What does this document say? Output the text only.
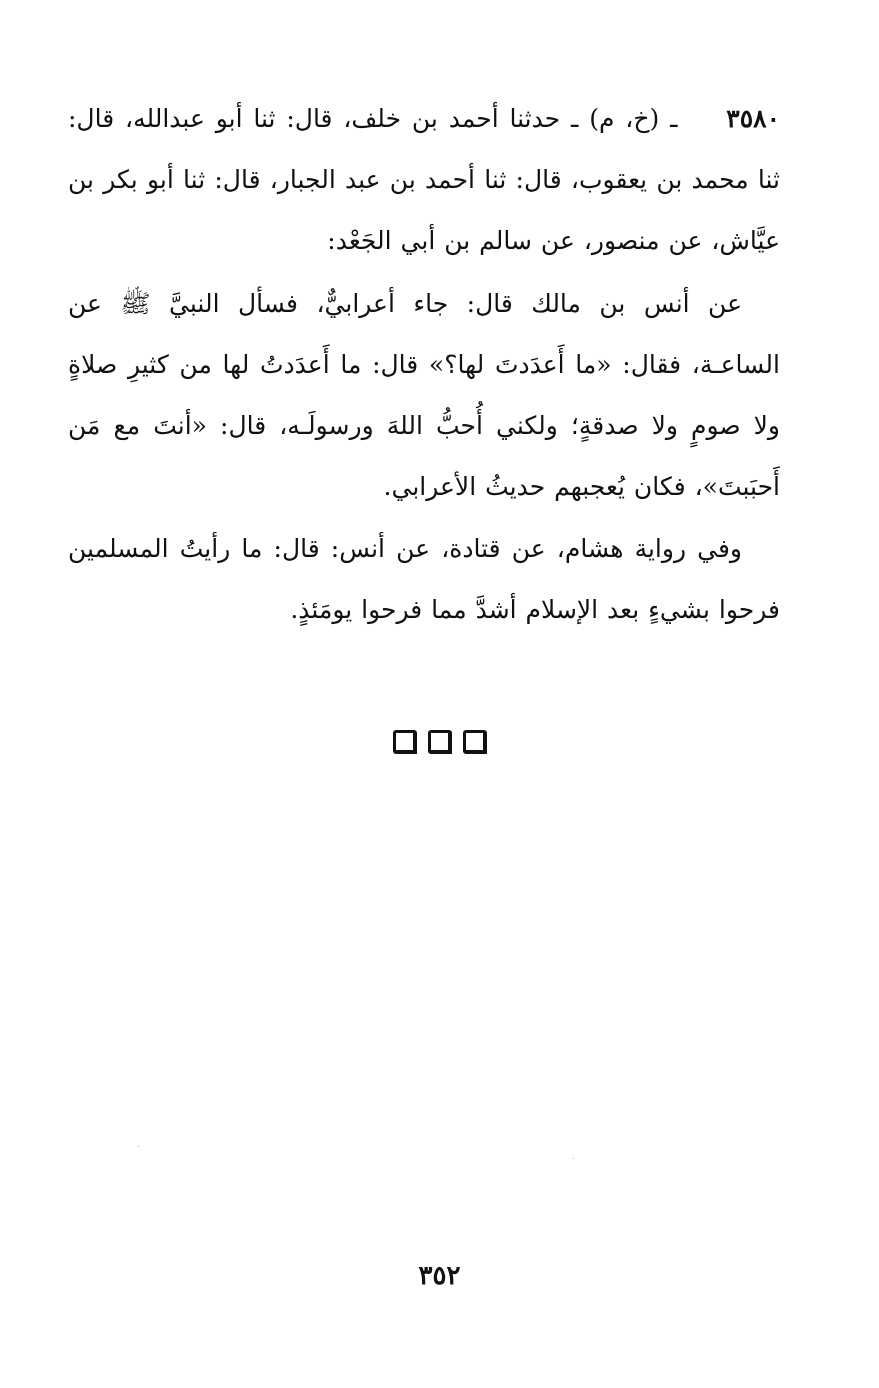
٣٥٨٠ ـ (خ، م) ـ حدثنا أحمد بن خلف، قال: ثنا أبو عبدالله، قال: ثنا محمد بن يعقوب، قال: ثنا أحمد بن عبد الجبار، قال: ثنا أبو بكر بن عيَّاش، عن منصور، عن سالم بن أبي الجَعْد:

عن أنس بن مالك قال: جاء أعرابيٌّ، فسأل النبيَّ ﷺ عن الساعـة، فقال: «ما أَعدَدتَ لها؟» قال: ما أَعدَدتُ لها من كثيرِ صلاةٍ ولا صومٍ ولا صدقةٍ؛ ولكني أُحبُّ اللهَ ورسولَـه، قال: «أنتَ مع مَن أَحبَبتَ»، فكان يُعجبهم حديثُ الأعرابي.

وفي رواية هشام، عن قتادة، عن أنس: قال: ما رأيتُ المسلمين فرحوا بشيءٍ بعد الإسلام أشدَّ مما فرحوا يومَئذٍ.

٣٥٢
